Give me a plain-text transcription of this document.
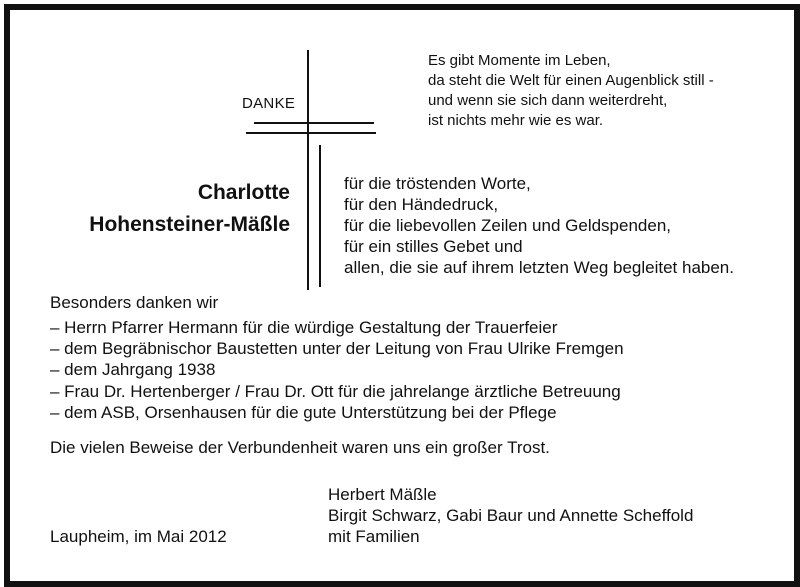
Es gibt Momente im Leben,
da steht die Welt für einen Augenblick still -
und wenn sie sich dann weiterdreht,
ist nichts mehr wie es war.
DANKE
Charlotte
Hohensteiner-Mäßle
für die tröstenden Worte,
für den Händedruck,
für die liebevollen Zeilen und Geldspenden,
für ein stilles Gebet und
allen, die sie auf ihrem letzten Weg begleitet haben.
Besonders danken wir
– Herrn Pfarrer Hermann für die würdige Gestaltung der Trauerfeier
– dem Begräbnischor Baustetten unter der Leitung von Frau Ulrike Fremgen
– dem Jahrgang 1938
– Frau Dr. Hertenberger / Frau Dr. Ott für die jahrelange ärztliche Betreuung
– dem ASB, Orsenhausen für die gute Unterstützung bei der Pflege
Die vielen Beweise der Verbundenheit waren uns ein großer Trost.
Herbert Mäßle
Birgit Schwarz, Gabi Baur und Annette Scheffold
mit Familien
Laupheim, im Mai 2012
